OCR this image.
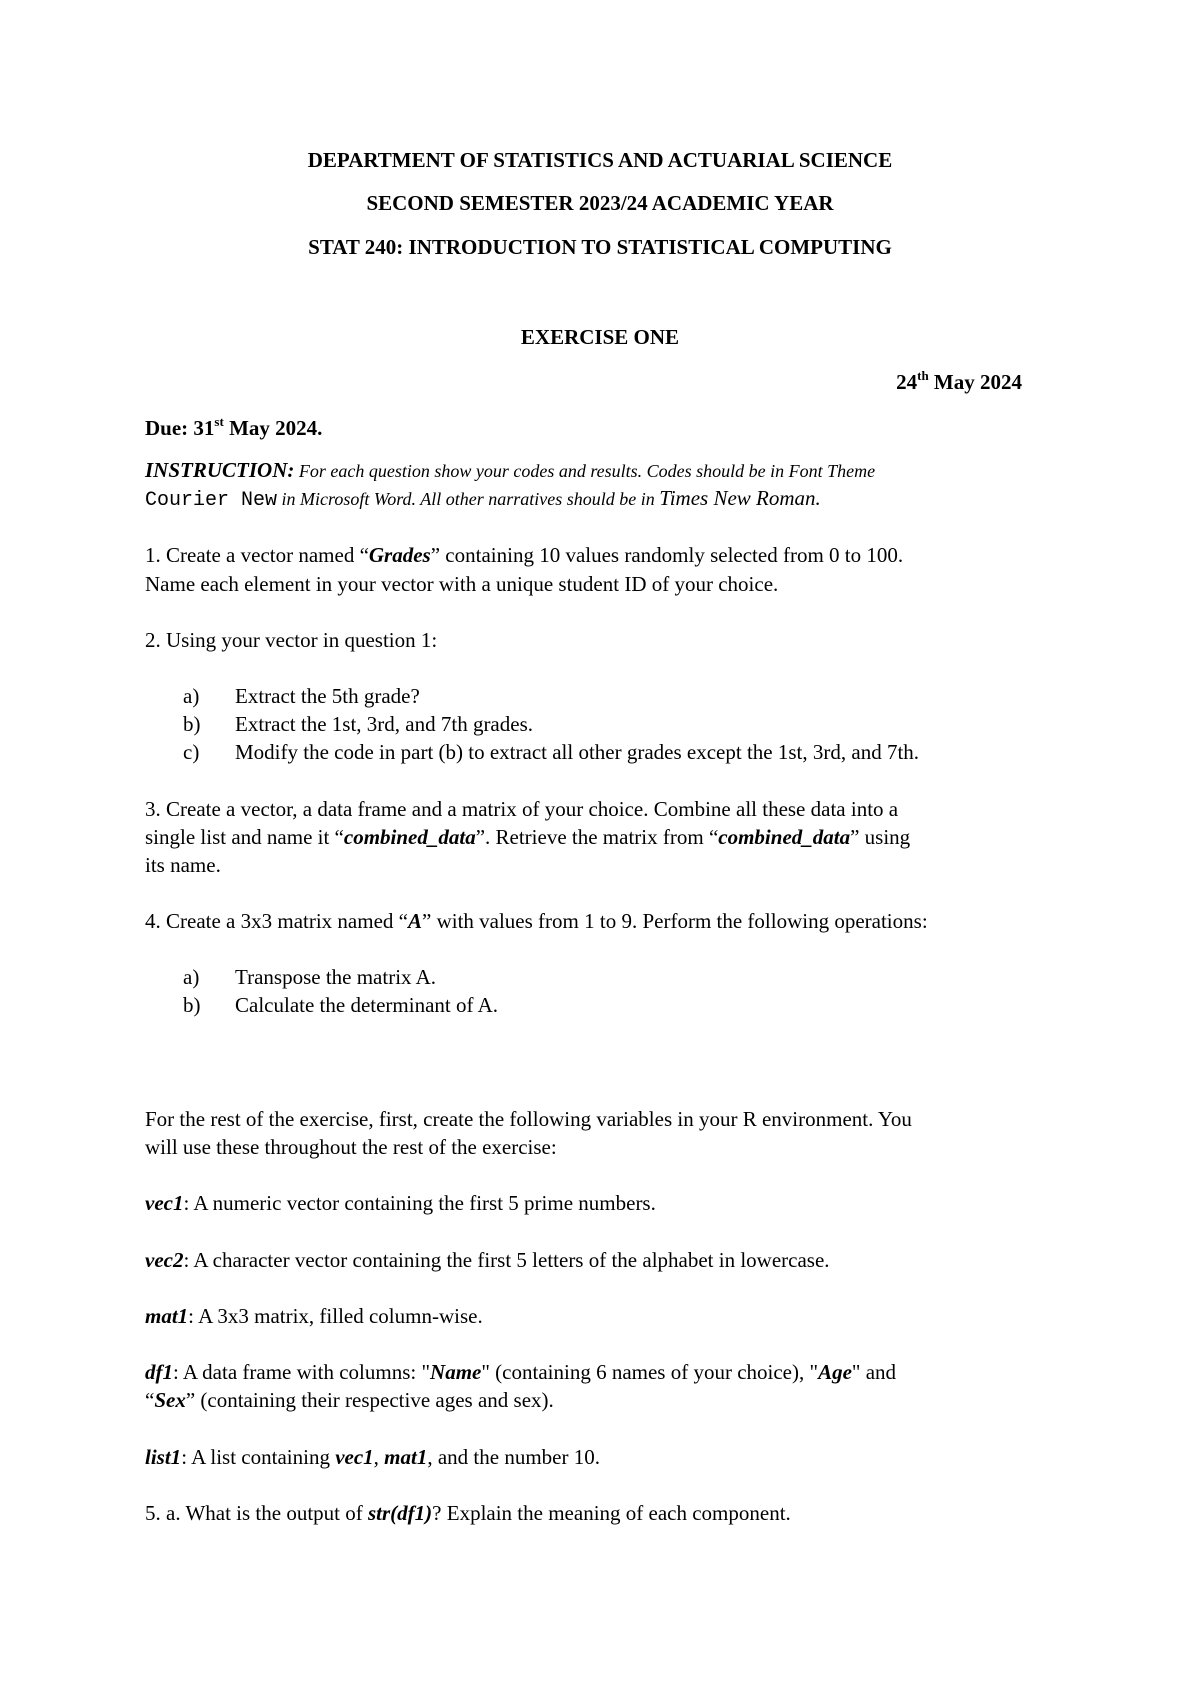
DEPARTMENT OF STATISTICS AND ACTUARIAL SCIENCE
SECOND SEMESTER 2023/24 ACADEMIC YEAR
STAT 240: INTRODUCTION TO STATISTICAL COMPUTING
EXERCISE ONE
24th May 2024
Due: 31st May 2024.
INSTRUCTION: For each question show your codes and results. Codes should be in Font Theme
Courier New in Microsoft Word. All other narratives should be in Times New Roman.
1. Create a vector named “Grades” containing 10 values randomly selected from 0 to 100.
Name each element in your vector with a unique student ID of your choice.
2. Using your vector in question 1:
a) Extract the 5th grade?
b) Extract the 1st, 3rd, and 7th grades.
c) Modify the code in part (b) to extract all other grades except the 1st, 3rd, and 7th.
3. Create a vector, a data frame and a matrix of your choice. Combine all these data into a
single list and name it “combined_data”. Retrieve the matrix from “combined_data” using
its name.
4. Create a 3x3 matrix named “A” with values from 1 to 9. Perform the following operations:
a) Transpose the matrix A.
b) Calculate the determinant of A.
For the rest of the exercise, first, create the following variables in your R environment. You
will use these throughout the rest of the exercise:
vec1: A numeric vector containing the first 5 prime numbers.
vec2: A character vector containing the first 5 letters of the alphabet in lowercase.
mat1: A 3x3 matrix, filled column-wise.
df1: A data frame with columns: "Name" (containing 6 names of your choice), "Age" and
“Sex” (containing their respective ages and sex).
list1: A list containing vec1, mat1, and the number 10.
5. a. What is the output of str(df1)? Explain the meaning of each component.
